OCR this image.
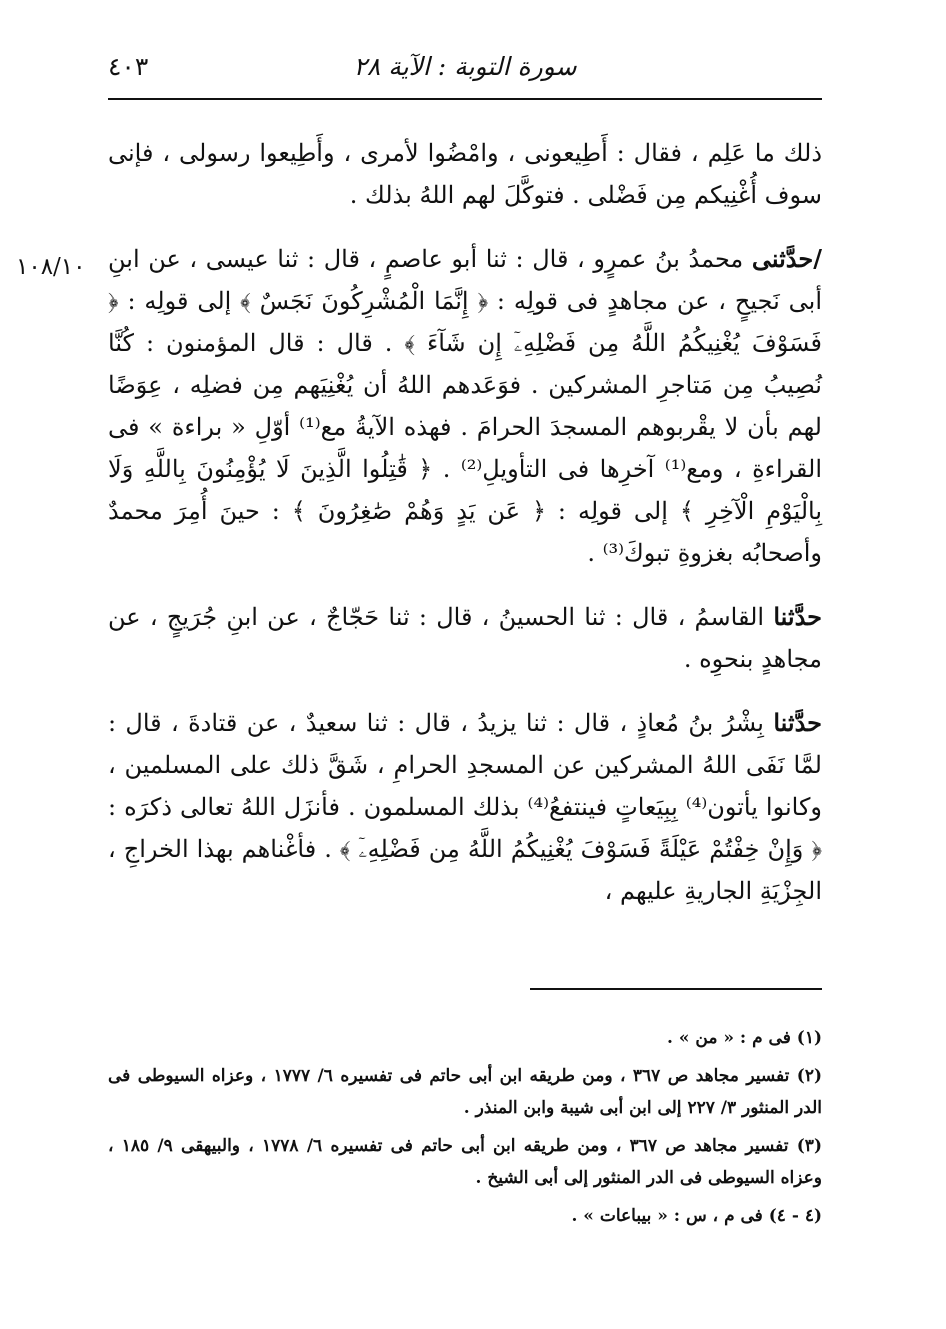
سورة التوبة : الآية ٢٨
٤٠٣
١٠٨/١٠

ذلك ما عَلِم ، فقال : أَطِيعونى ، وامْضُوا لأمرى ، وأَطِيعوا رسولى ، فإنى سوف أُغْنِيكم مِن فَضْلى . فتوكَّلَ لهم اللهُ بذلك .

/حدَّثنى محمدُ بنُ عمرٍو ، قال : ثنا أبو عاصمٍ ، قال : ثنا عيسى ، عن ابنِ أبى نَجيحٍ ، عن مجاهدٍ فى قولِه : ﴿ إِنَّمَا الْمُشْرِكُونَ نَجَسٌ ﴾ إلى قولِه : ﴿ فَسَوْفَ يُغْنِيكُمُ اللَّهُ مِن فَضْلِهِۦٓ إِن شَآءَ ﴾ . قال : قال المؤمنون : كُنَّا نُصِيبُ مِن مَتاجرِ المشركين . فوَعَدهم اللهُ أن يُغْنِيَهم مِن فضلِه ، عِوَضًا لهم بأن لا يقْربوهم المسجدَ الحرامَ . فهذه الآيةُ مع⁽¹⁾ أوّلِ « براءة » فى القراءةِ ، ومع⁽¹⁾ آخرِها فى التأويلِ⁽²⁾ . ﴿ قَٰتِلُوا الَّذِينَ لَا يُؤْمِنُونَ بِاللَّهِ وَلَا بِالْيَوْمِ الْآخِرِ ﴾ إلى قولِه : ﴿ عَن يَدٍ وَهُمْ صَٰغِرُونَ ﴾ : حينَ أُمِرَ محمدٌ وأصحابُه بغزوةِ تبوكَ⁽³⁾ .

حدَّثنا القاسمُ ، قال : ثنا الحسينُ ، قال : ثنا حَجّاجٌ ، عن ابنِ جُرَيجٍ ، عن مجاهدٍ بنحوِه .

حدَّثنا بِشْرُ بنُ مُعاذٍ ، قال : ثنا يزيدُ ، قال : ثنا سعيدٌ ، عن قتادةَ ، قال : لمَّا نَفَى اللهُ المشركين عن المسجدِ الحرامِ ، شَقَّ ذلك على المسلمين ، وكانوا يأتون⁽⁴⁾ بِبِيَعاتٍ فينتفعُ⁽⁴⁾ بذلك المسلمون . فأنزَل اللهُ تعالى ذكرَه : ﴿ وَإِنْ خِفْتُمْ عَيْلَةً فَسَوْفَ يُغْنِيكُمُ اللَّهُ مِن فَضْلِهِۦٓ ﴾ . فأغْناهم بهذا الخراجِ ، الجِزْيَةِ الجاريةِ عليهم ،

(١) فى م : « من » .

(٢) تفسير مجاهد ص ٣٦٧ ، ومن طريقه ابن أبى حاتم فى تفسيره ٦/ ١٧٧٧ ، وعزاه السيوطى فى الدر المنثور ٣/ ٢٢٧ إلى ابن أبى شيبة وابن المنذر .

(٣) تفسير مجاهد ص ٣٦٧ ، ومن طريقه ابن أبى حاتم فى تفسيره ٦/ ١٧٧٨ ، والبيهقى ٩/ ١٨٥ ، وعزاه السيوطى فى الدر المنثور إلى أبى الشيخ .

(٤ - ٤) فى م ، س : « بيباعات » .
